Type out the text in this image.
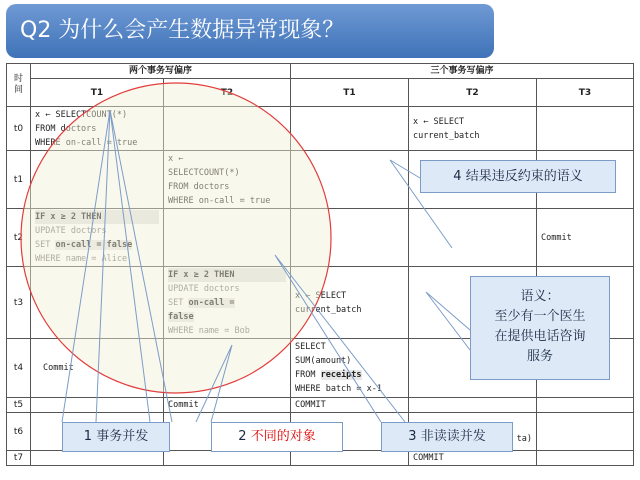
Q2 为什么会产生数据异常现象？
时间	两个事务写偏序		三个事务写偏序		
	T1	T2	T1	T2	T3
t0	x ← SELECTCOUNT(*)
FROM doctors
WHERE on-call = true			x ← SELECT
current_batch	

t1		x ←
SELECTCOUNT(*)
FROM doctors
WHERE on-call = true			

t2	IF x ≥ 2 THEN
UPDATE doctors
SET on-call = false
WHERE name = Alice				Commit

t3		IF x ≥ 2 THEN
UPDATE doctors
SET on-call =
false
WHERE name = Bob	x ← SELECT
current_batch		

t4	Commit		SELECT
SUM(amount)
FROM receipts
WHERE batch = x-1		

t5		Commit	COMMIT		

t6				ta)	
t7				COMMIT	

1 事务并发	2 不同的对象	3 非读读并发
4 结果违反约束的语义
语义：
至少有一个医生
在提供电话咨询
服务
